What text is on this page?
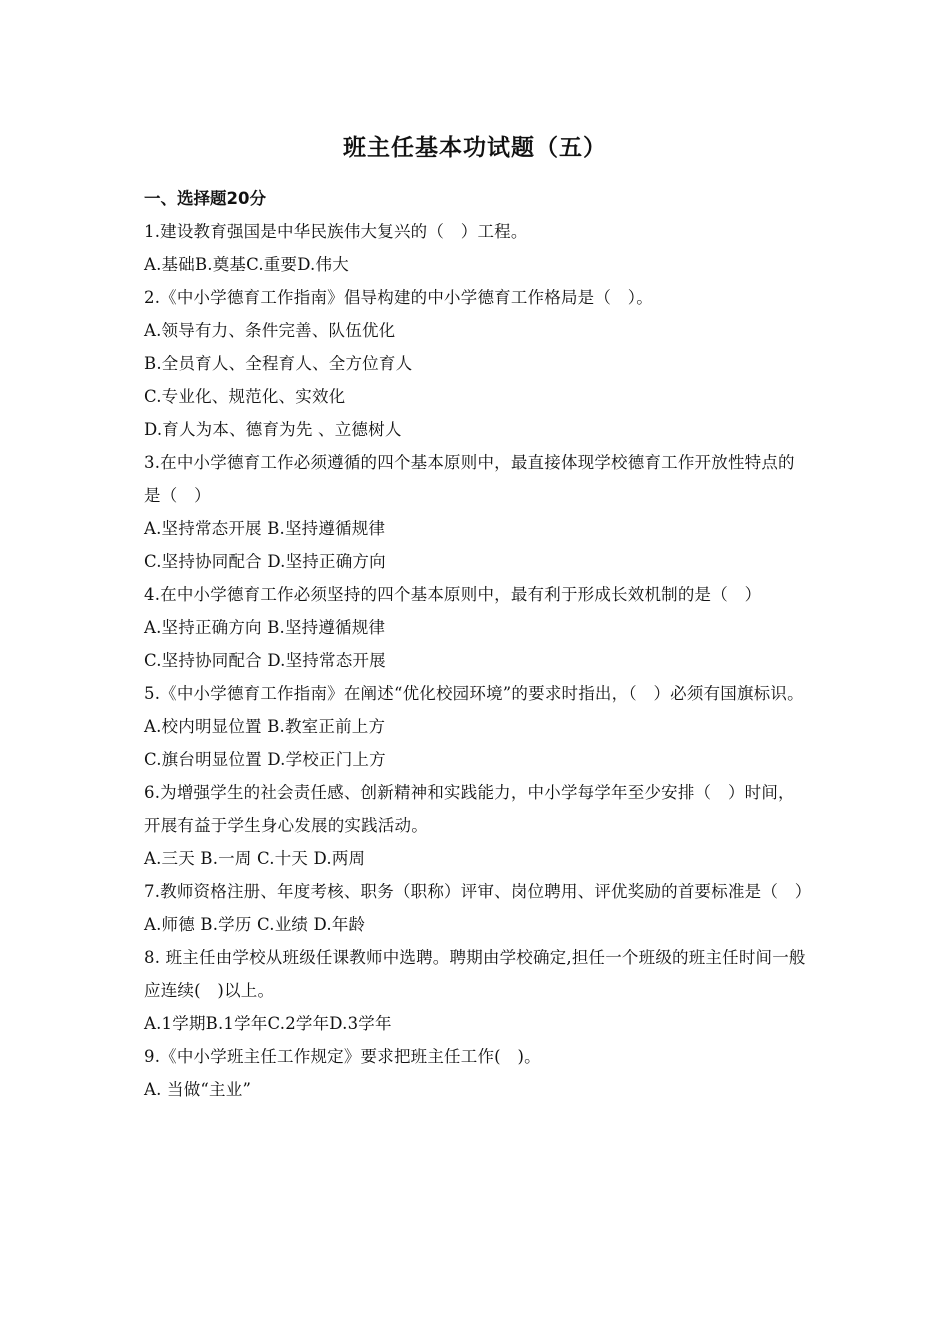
班主任基本功试题（五）
一、选择题20分
1.建设教育强国是中华民族伟大复兴的（　）工程。
A.基础B.奠基C.重要D.伟大
2.《中小学德育工作指南》倡导构建的中小学德育工作格局是（　）。
A.领导有力、条件完善、队伍优化
B.全员育人、全程育人、全方位育人
C.专业化、规范化、实效化
D.育人为本、德育为先 、立德树人
3.在中小学德育工作必须遵循的四个基本原则中，最直接体现学校德育工作开放性特点的是（　）
A.坚持常态开展 B.坚持遵循规律
C.坚持协同配合 D.坚持正确方向
4.在中小学德育工作必须坚持的四个基本原则中，最有利于形成长效机制的是（　）
A.坚持正确方向 B.坚持遵循规律
C.坚持协同配合 D.坚持常态开展
5.《中小学德育工作指南》在阐述“优化校园环境”的要求时指出，（　）必须有国旗标识。
A.校内明显位置 B.教室正前上方
C.旗台明显位置 D.学校正门上方
6.为增强学生的社会责任感、创新精神和实践能力，中小学每学年至少安排（　）时间，开展有益于学生身心发展的实践活动。
A.三天 B.一周 C.十天 D.两周
7.教师资格注册、年度考核、职务（职称）评审、岗位聘用、评优奖励的首要标准是（　）
A.师德 B.学历 C.业绩 D.年龄
8. 班主任由学校从班级任课教师中选聘。聘期由学校确定,担任一个班级的班主任时间一般应连续(　)以上。
A.1学期B.1学年C.2学年D.3学年
9.《中小学班主任工作规定》要求把班主任工作(　)。
A. 当做“主业”
